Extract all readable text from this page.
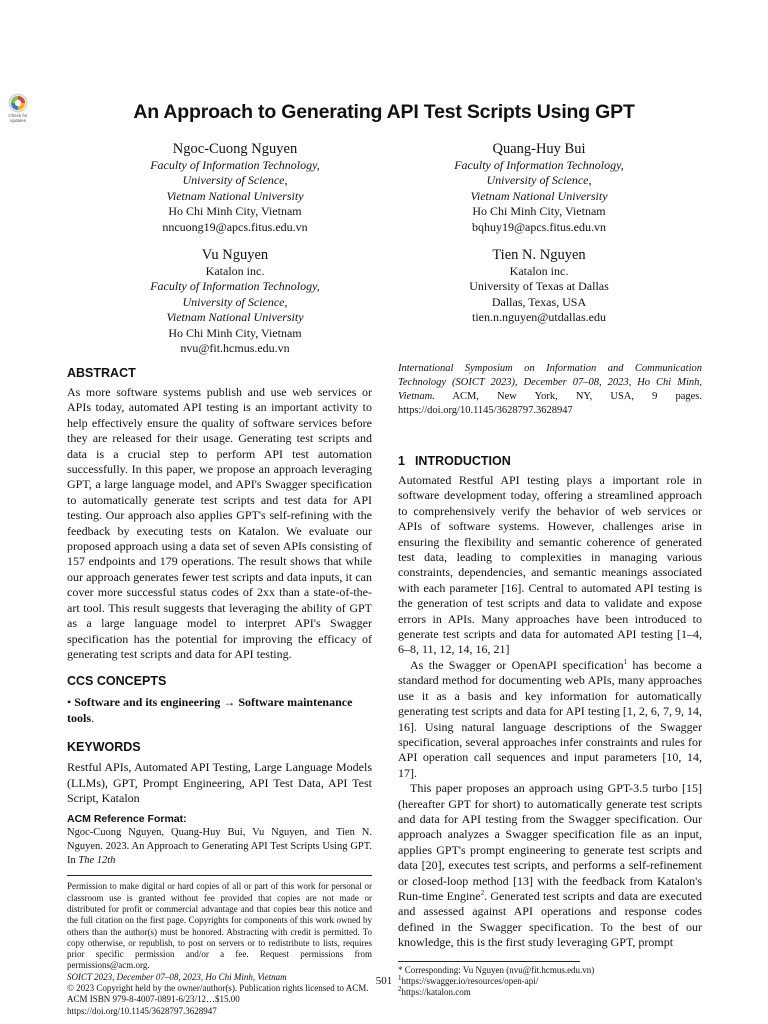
Check for
updates	An Approach to Generating API Test Scripts Using GPT
Ngoc-Cuong Nguyen
Faculty of Information Technology,
University of Science,
Vietnam National University
Ho Chi Minh City, Vietnam
nncuong19@apcs.fitus.edu.vn
Quang-Huy Bui
Faculty of Information Technology,
University of Science,
Vietnam National University
Ho Chi Minh City, Vietnam
bqhuy19@apcs.fitus.edu.vn
Vu Nguyen
Katalon inc.
Faculty of Information Technology,
University of Science,
Vietnam National University
Ho Chi Minh City, Vietnam
nvu@fit.hcmus.edu.vn
Tien N. Nguyen
Katalon inc.
University of Texas at Dallas
Dallas, Texas, USA
tien.n.nguyen@utdallas.edu
ABSTRACT

As more software systems publish and use web services or APIs today, automated API testing is an important activity to help effectively ensure the quality of software services before they are released for their usage. Generating test scripts and data is a crucial step to perform API test automation successfully. In this paper, we propose an approach leveraging GPT, a large language model, and API's Swagger specification to automatically generate test scripts and test data for API testing. Our approach also applies GPT's self-refining with the feedback by executing tests on Katalon. We evaluate our proposed approach using a data set of seven APIs consisting of 157 endpoints and 179 operations. The result shows that while our approach generates fewer test scripts and data inputs, it can cover more successful status codes of 2xx than a state-of-the-art tool. This result suggests that leveraging the ability of GPT as a large language model to interpret API's Swagger specification has the potential for improving the efficacy of generating test scripts and data for API testing.

CCS CONCEPTS

• Software and its engineering → Software maintenance tools.

KEYWORDS

Restful APIs, Automated API Testing, Large Language Models (LLMs), GPT, Prompt Engineering, API Test Data, API Test Script, Katalon

ACM Reference Format:

Ngoc-Cuong Nguyen, Quang-Huy Bui, Vu Nguyen, and Tien N. Nguyen. 2023. An Approach to Generating API Test Scripts Using GPT. In The 12th

Permission to make digital or hard copies of all or part of this work for personal or classroom use is granted without fee provided that copies are not made or distributed for profit or commercial advantage and that copies bear this notice and the full citation on the first page. Copyrights for components of this work owned by others than the author(s) must be honored. Abstracting with credit is permitted. To copy otherwise, or republish, to post on servers or to redistribute to lists, requires prior specific permission and/or a fee. Request permissions from permissions@acm.org.

SOICT 2023, December 07–08, 2023, Ho Chi Minh, Vietnam

© 2023 Copyright held by the owner/author(s). Publication rights licensed to ACM.

ACM ISBN 979-8-4007-0891-6/23/12…$15.00

https://doi.org/10.1145/3628797.3628947

International Symposium on Information and Communication Technology (SOICT 2023), December 07–08, 2023, Ho Chi Minh, Vietnam. ACM, New York, NY, USA, 9 pages. https://doi.org/10.1145/3628797.3628947

1 INTRODUCTION

Automated Restful API testing plays a important role in software development today, offering a streamlined approach to comprehensively verify the behavior of web services or APIs of software systems. However, challenges arise in ensuring the flexibility and semantic coherence of generated test data, leading to complexities in managing various constraints, dependencies, and semantic meanings associated with each parameter [16]. Central to automated API testing is the generation of test scripts and data to validate and expose errors in APIs. Many approaches have been introduced to generate test scripts and data for automated API testing [1–4, 6–8, 11, 12, 14, 16, 21]

As the Swagger or OpenAPI specification$^1$ has become a standard method for documenting web APIs, many approaches use it as a basis and key information for automatically generating test scripts and data for API testing [1, 2, 6, 7, 9, 14, 16]. Using natural language descriptions of the Swagger specification, several approaches infer constraints and rules for API operation call sequences and input parameters [10, 14, 17].

This paper proposes an approach using GPT-3.5 turbo [15] (hereafter GPT for short) to automatically generate test scripts and data for API testing from the Swagger specification. Our approach analyzes a Swagger specification file as an input, applies GPT's prompt engineering to generate test scripts and data [20], executes test scripts, and performs a self-refinement or closed-loop method [13] with the feedback from Katalon's Run-time Engine$^2$. Generated test scripts and data are executed and assessed against API operations and response codes defined in the Swagger specification. To the best of our knowledge, this is the first study leveraging GPT, prompt

* Corresponding: Vu Nguyen (nvu@fit.hcmus.edu.vn)

$^1$https://swagger.io/resources/open-api/

$^2$https://katalon.com

501
